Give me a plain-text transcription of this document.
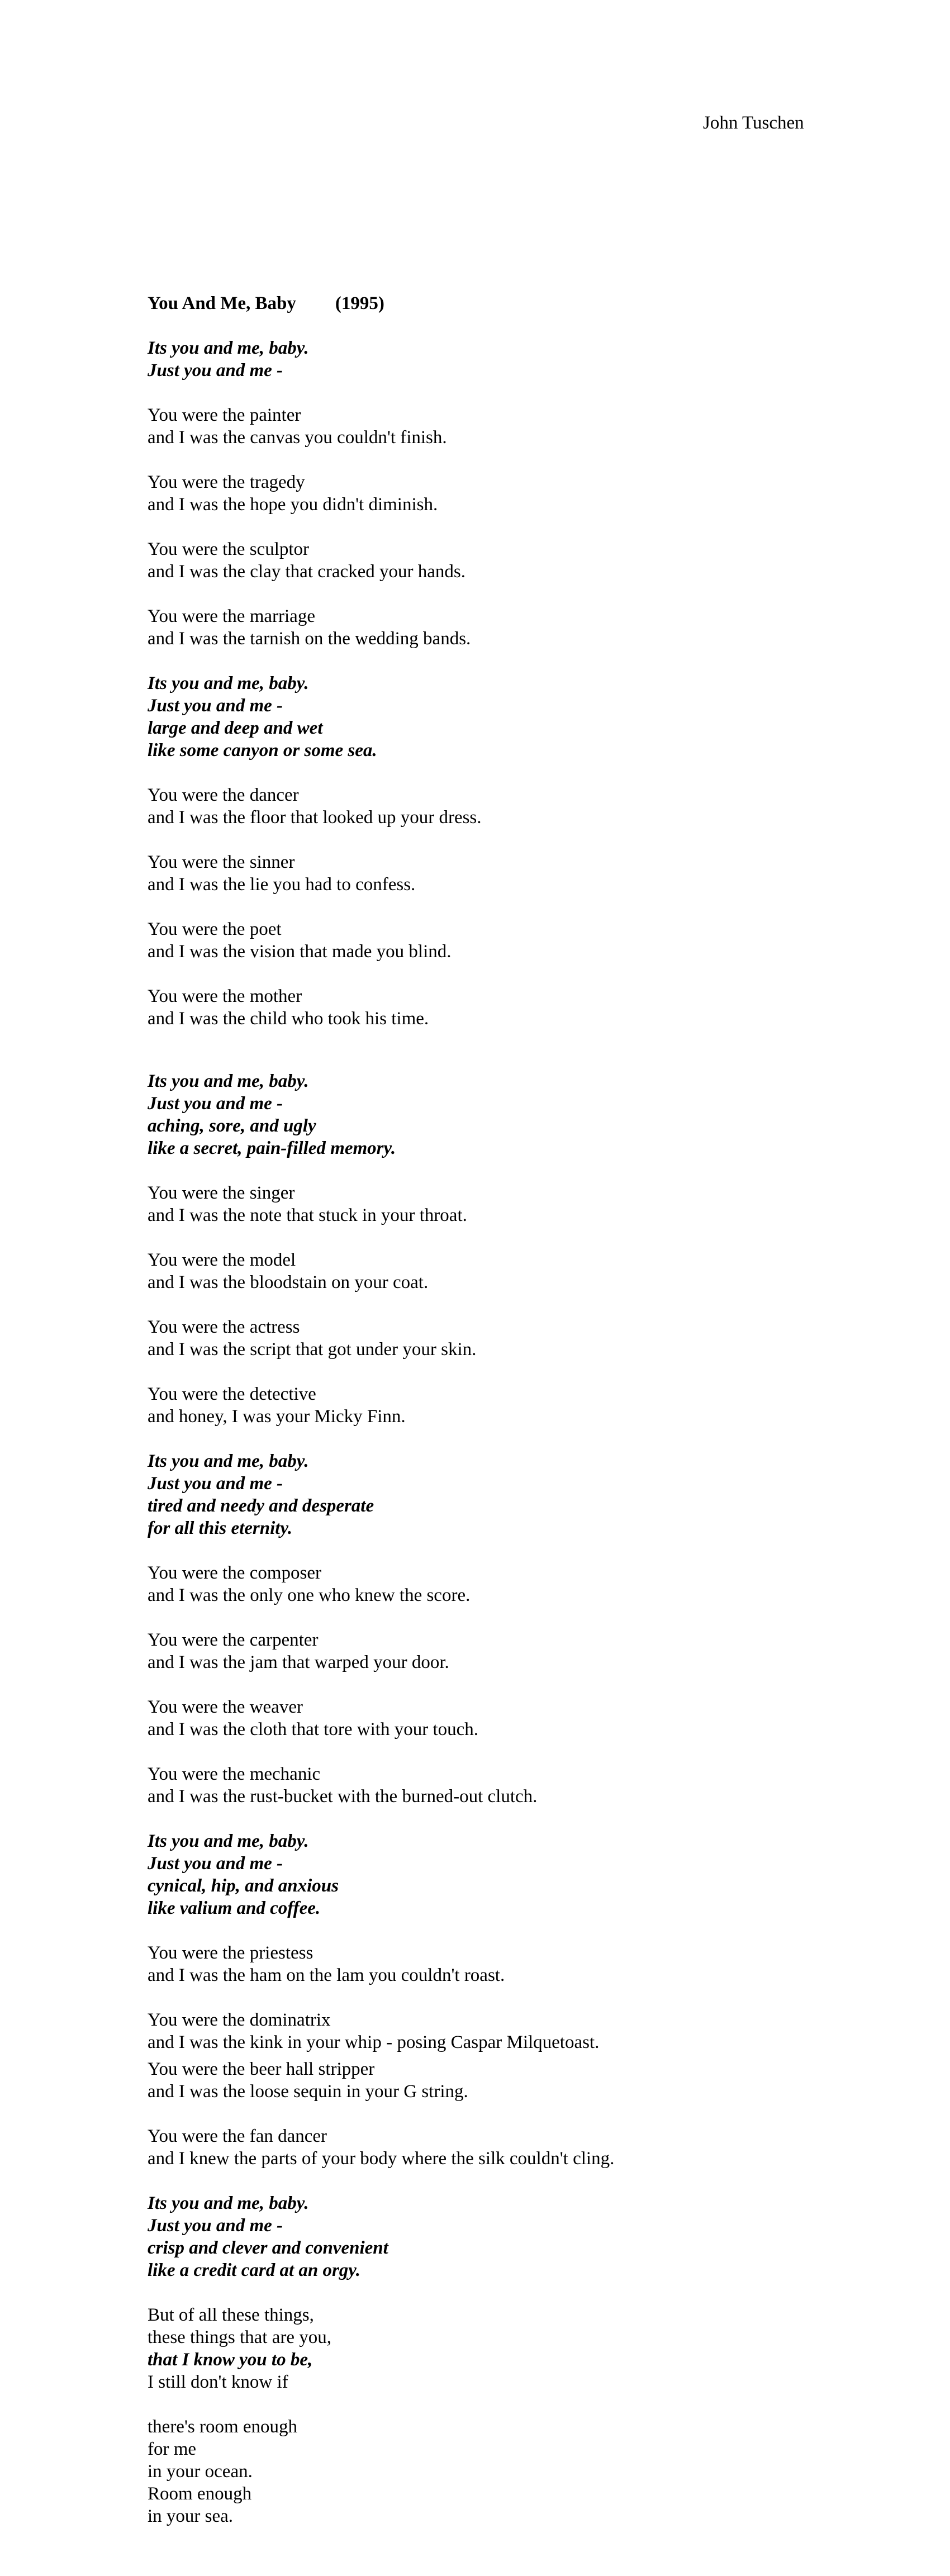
John Tuschen
You And Me, Baby (1995)
Its you and me, baby.
Just you and me -
You were the painter
and I was the canvas you couldn't finish.
You were the tragedy
and I was the hope you didn't diminish.
You were the sculptor
and I was the clay that cracked your hands.
You were the marriage
and I was the tarnish on the wedding bands.
Its you and me, baby.
Just you and me -
large and deep and wet
like some canyon or some sea.
You were the dancer
and I was the floor that looked up your dress.
You were the sinner
and I was the lie you had to confess.
You were the poet
and I was the vision that made you blind.
You were the mother
and I was the child who took his time.
Its you and me, baby.
Just you and me -
aching, sore, and ugly
like a secret, pain-filled memory.
You were the singer
and I was the note that stuck in your throat.
You were the model
and I was the bloodstain on your coat.
You were the actress
and I was the script that got under your skin.
You were the detective
and honey, I was your Micky Finn.
Its you and me, baby.
Just you and me -
tired and needy and desperate
for all this eternity.
You were the composer
and I was the only one who knew the score.
You were the carpenter
and I was the jam that warped your door.
You were the weaver
and I was the cloth that tore with your touch.
You were the mechanic
and I was the rust-bucket with the burned-out clutch.
Its you and me, baby.
Just you and me -
cynical, hip, and anxious
like valium and coffee.
You were the priestess
and I was the ham on the lam you couldn't roast.
You were the dominatrix
and I was the kink in your whip - posing Caspar Milquetoast.
You were the beer hall stripper
and I was the loose sequin in your G string.
You were the fan dancer
and I knew the parts of your body where the silk couldn't cling.
Its you and me, baby.
Just you and me -
crisp and clever and convenient
like a credit card at an orgy.
But of all these things,
these things that are you,
that I know you to be,
I still don't know if
there's room enough
for me
in your ocean.
Room enough
in your sea.
